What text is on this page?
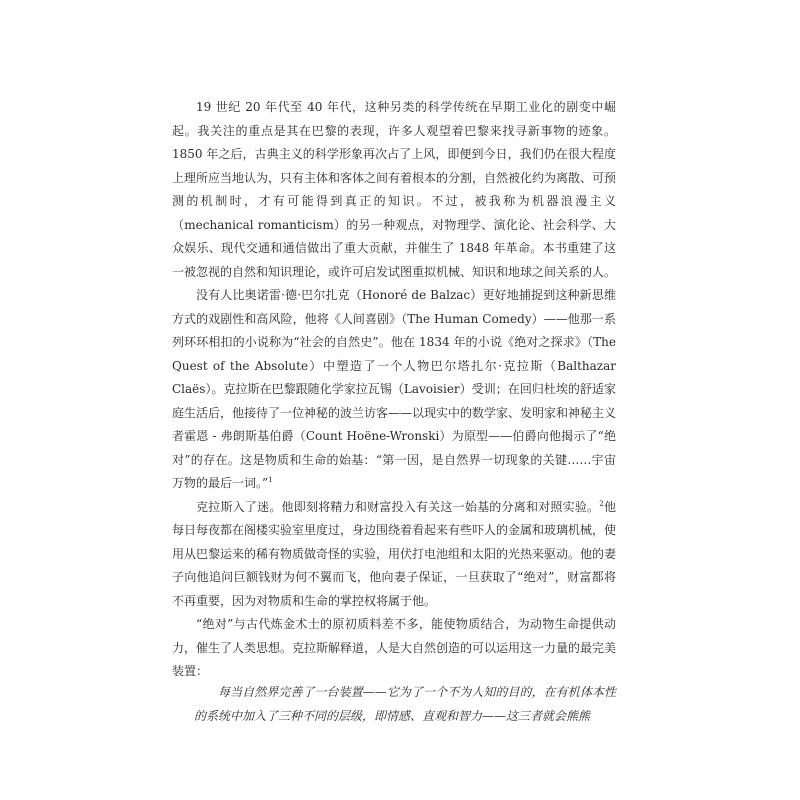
19 世纪 20 年代至 40 年代，这种另类的科学传统在早期工业化的剧变中崛起。我关注的重点是其在巴黎的表现，许多人观望着巴黎来找寻新事物的迹象。1850 年之后，古典主义的科学形象再次占了上风，即便到今日，我们仍在很大程度上理所应当地认为，只有主体和客体之间有着根本的分割，自然被化约为离散、可预测的机制时，才有可能得到真正的知识。不过，被我称为机器浪漫主义（mechanical romanticism）的另一种观点，对物理学、演化论、社会科学、大众娱乐、现代交通和通信做出了重大贡献，并催生了 1848 年革命。本书重建了这一被忽视的自然和知识理论，或许可启发试图重拟机械、知识和地球之间关系的人。

没有人比奥诺雷·德·巴尔扎克（Honoré de Balzac）更好地捕捉到这种新思维方式的戏剧性和高风险，他将《人间喜剧》（The Human Comedy）——他那一系列环环相扣的小说称为“社会的自然史”。他在 1834 年的小说《绝对之探求》（The Quest of the Absolute）中塑造了一个人物巴尔塔扎尔·克拉斯（Balthazar Claës）。克拉斯在巴黎跟随化学家拉瓦锡（Lavoisier）受训；在回归杜埃的舒适家庭生活后，他接待了一位神秘的波兰访客——以现实中的数学家、发明家和神秘主义者霍恩 - 弗朗斯基伯爵（Count Hoëne-Wronski）为原型——伯爵向他揭示了“绝对”的存在。这是物质和生命的始基：“第一因，是自然界一切现象的关键……宇宙万物的最后一词。”$^1$

克拉斯入了迷。他即刻将精力和财富投入有关这一始基的分离和对照实验。$^2$他每日每夜都在阁楼实验室里度过，身边围绕着看起来有些吓人的金属和玻璃机械，使用从巴黎运来的稀有物质做奇怪的实验，用伏打电池组和太阳的光热来驱动。他的妻子向他追问巨额钱财为何不翼而飞，他向妻子保证，一旦获取了“绝对”，财富都将不再重要，因为对物质和生命的掌控权将属于他。

“绝对”与古代炼金术士的原初质料差不多，能使物质结合，为动物生命提供动力，催生了人类思想。克拉斯解释道，人是大自然创造的可以运用这一力量的最完美装置：

每当自然界完善了一台装置——它为了一个不为人知的目的，在有机体本性的系统中加入了三种不同的层级，即情感、直观和智力——这三者就会熊熊
